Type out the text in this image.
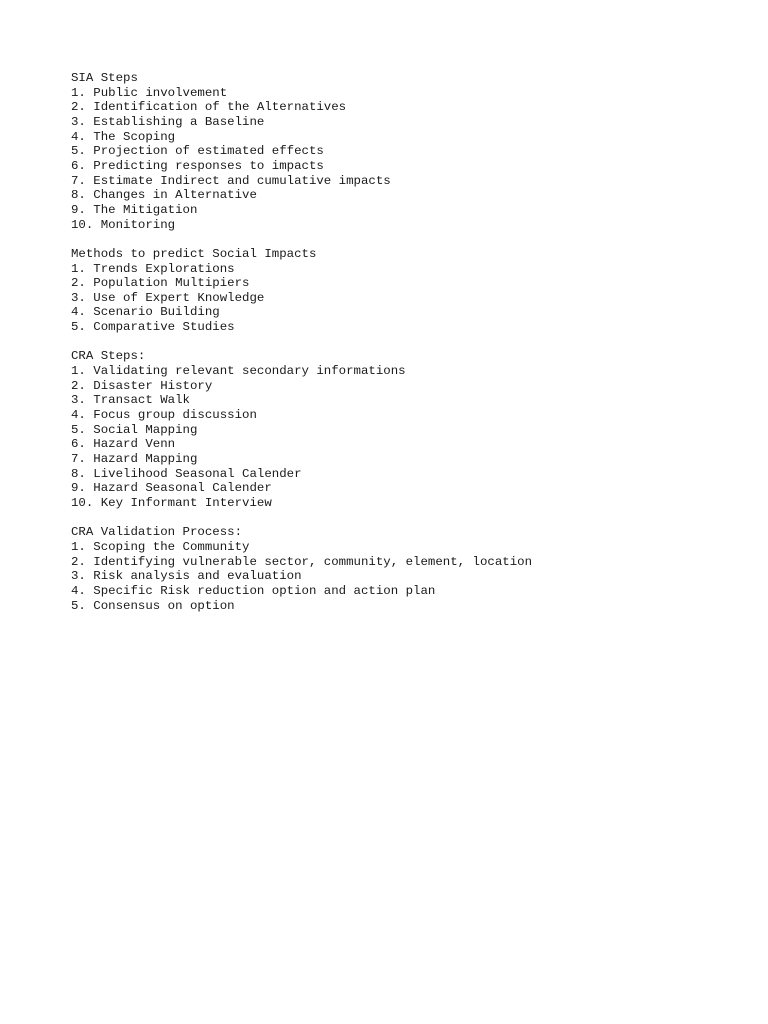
SIA Steps
1. Public involvement
2. Identification of the Alternatives
3. Establishing a Baseline
4. The Scoping
5. Projection of estimated effects
6. Predicting responses to impacts
7. Estimate Indirect and cumulative impacts
8. Changes in Alternative
9. The Mitigation
10. Monitoring
Methods to predict Social Impacts
1. Trends Explorations
2. Population Multipiers
3. Use of Expert Knowledge
4. Scenario Building
5. Comparative Studies
CRA Steps:
1. Validating relevant secondary informations
2. Disaster History
3. Transact Walk
4. Focus group discussion
5. Social Mapping
6. Hazard Venn
7. Hazard Mapping
8. Livelihood Seasonal Calender
9. Hazard Seasonal Calender
10. Key Informant Interview
CRA Validation Process:
1. Scoping the Community
2. Identifying vulnerable sector, community, element, location
3. Risk analysis and evaluation
4. Specific Risk reduction option and action plan
5. Consensus on option
